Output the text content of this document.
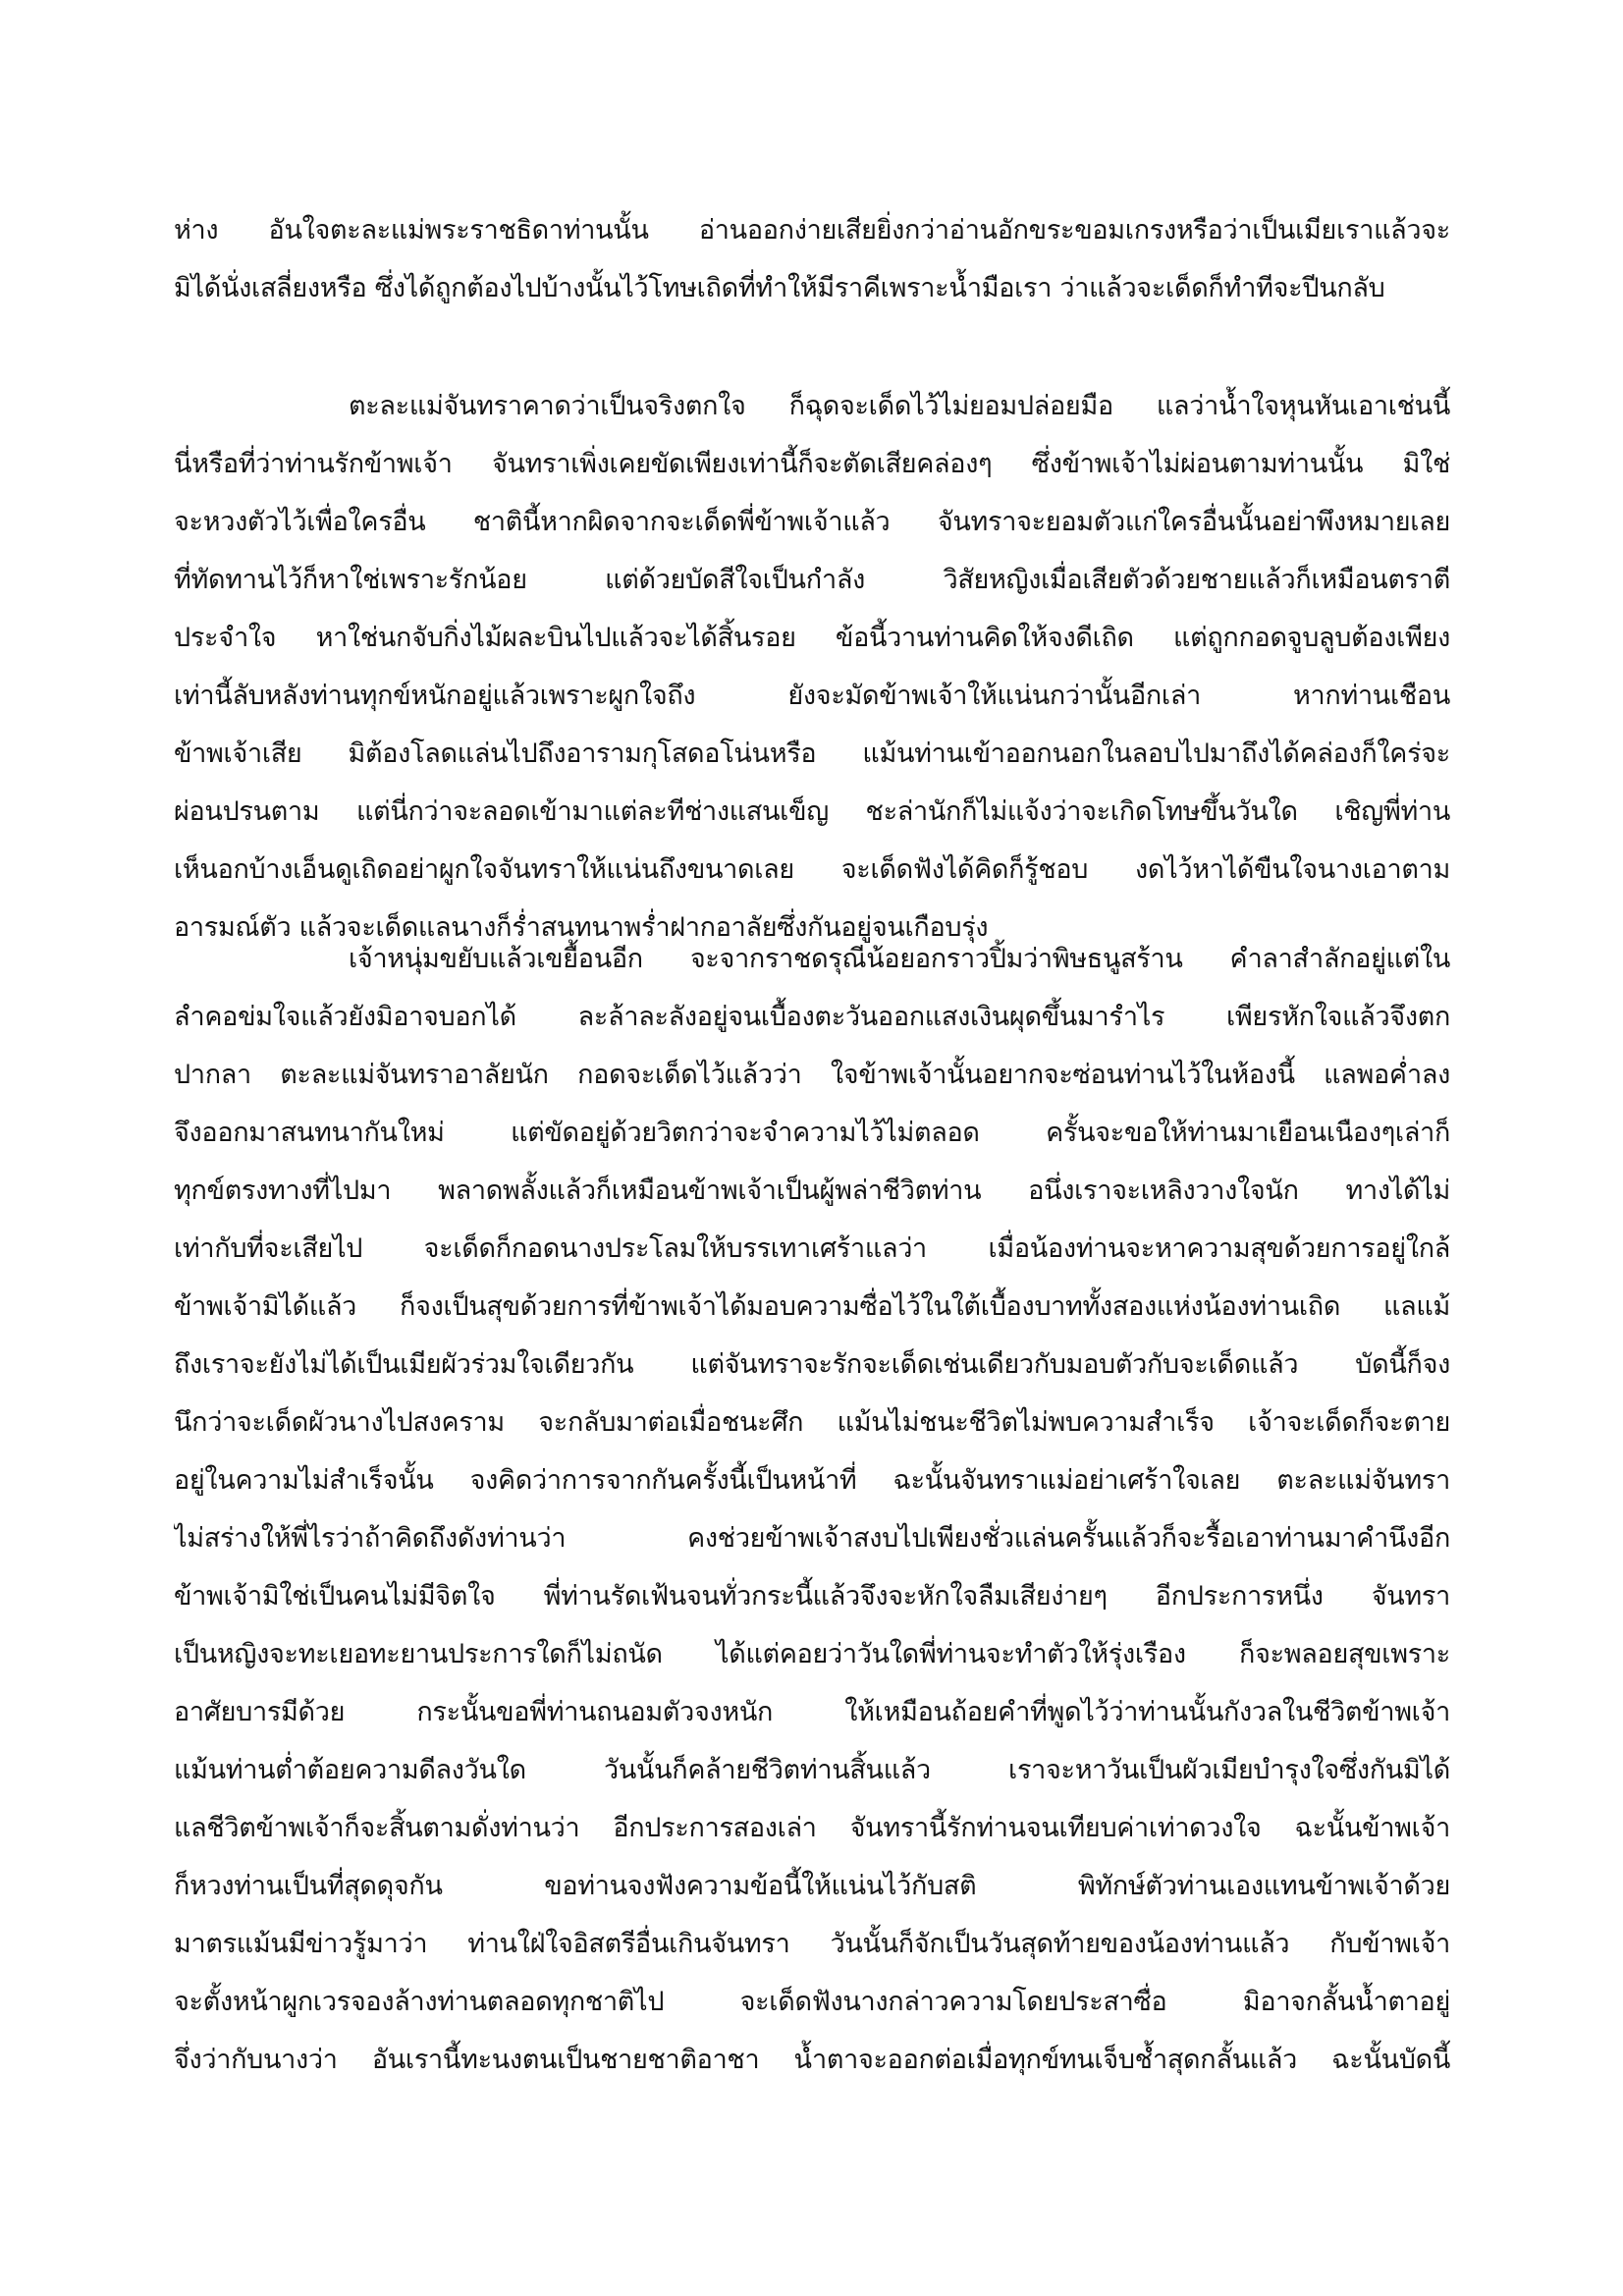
ห่าง อันใจตะละแม่พระราชธิดาท่านนั้น อ่านออกง่ายเสียยิ่งกว่าอ่านอักขระขอมเกรงหรือว่าเป็นเมียเราแล้วจะ
มิได้นั่งเสลี่ยงหรือ ซึ่งได้ถูกต้องไปบ้างนั้นไว้โทษเถิดที่ทำให้มีราคีเพราะน้ำมือเรา ว่าแล้วจะเด็ดก็ทำทีจะปีนกลับ
ตะละแม่จันทราคาดว่าเป็นจริงตกใจ ก็ฉุดจะเด็ดไว้ไม่ยอมปล่อยมือ แลว่าน้ำใจหุนหันเอาเช่นนี้
นี่หรือที่ว่าท่านรักข้าพเจ้า จันทราเพิ่งเคยขัดเพียงเท่านี้ก็จะตัดเสียคล่องๆ ซึ่งข้าพเจ้าไม่ผ่อนตามท่านนั้น มิใช่
จะหวงตัวไว้เพื่อใครอื่น ชาตินี้หากผิดจากจะเด็ดพี่ข้าพเจ้าแล้ว จันทราจะยอมตัวแก่ใครอื่นนั้นอย่าพึงหมายเลย
ที่ทัดทานไว้ก็หาใช่เพราะรักน้อย แต่ด้วยบัดสีใจเป็นกำลัง วิสัยหญิงเมื่อเสียตัวด้วยชายแล้วก็เหมือนตราตี
ประจำใจ หาใช่นกจับกิ่งไม้ผละบินไปแล้วจะได้สิ้นรอย ข้อนี้วานท่านคิดให้จงดีเถิด แต่ถูกกอดจูบลูบต้องเพียง
เท่านี้ลับหลังท่านทุกข์หนักอยู่แล้วเพราะผูกใจถึง ยังจะมัดข้าพเจ้าให้แน่นกว่านั้นอีกเล่า หากท่านเชือน
ข้าพเจ้าเสีย มิต้องโลดแล่นไปถึงอารามกุโสดอโน่นหรือ แม้นท่านเข้าออกนอกในลอบไปมาถึงได้คล่องก็ใคร่จะ
ผ่อนปรนตาม แต่นี่กว่าจะลอดเข้ามาแต่ละทีช่างแสนเข็ญ ชะล่านักก็ไม่แจ้งว่าจะเกิดโทษขึ้นวันใด เชิญพี่ท่าน
เห็นอกบ้างเอ็นดูเถิดอย่าผูกใจจันทราให้แน่นถึงขนาดเลย จะเด็ดฟังได้คิดก็รู้ชอบ งดไว้หาได้ขืนใจนางเอาตาม
อารมณ์ตัว แล้วจะเด็ดแลนางก็ร่ำสนทนาพร่ำฝากอาลัยซึ่งกันอยู่จนเกือบรุ่ง
เจ้าหนุ่มขยับแล้วเขยื้อนอีก จะจากราชดรุณีน้อยอกราวปิ้มว่าพิษธนูสร้าน คำลาสำลักอยู่แต่ใน
ลำคอข่มใจแล้วยังมิอาจบอกได้ ละล้าละลังอยู่จนเบื้องตะวันออกแสงเงินผุดขึ้นมารำไร เพียรหักใจแล้วจึงตก
ปากลา ตะละแม่จันทราอาลัยนัก กอดจะเด็ดไว้แล้วว่า ใจข้าพเจ้านั้นอยากจะซ่อนท่านไว้ในห้องนี้ แลพอค่ำลง
จึงออกมาสนทนากันใหม่ แต่ขัดอยู่ด้วยวิตกว่าจะจำความไว้ไม่ตลอด ครั้นจะขอให้ท่านมาเยือนเนืองๆเล่าก็
ทุกข์ตรงทางที่ไปมา พลาดพลั้งแล้วก็เหมือนข้าพเจ้าเป็นผู้พล่าชีวิตท่าน อนึ่งเราจะเหลิงวางใจนัก ทางได้ไม่
เท่ากับที่จะเสียไป จะเด็ดก็กอดนางประโลมให้บรรเทาเศร้าแลว่า เมื่อน้องท่านจะหาความสุขด้วยการอยู่ใกล้
ข้าพเจ้ามิได้แล้ว ก็จงเป็นสุขด้วยการที่ข้าพเจ้าได้มอบความซื่อไว้ในใต้เบื้องบาททั้งสองแห่งน้องท่านเถิด แลแม้
ถึงเราจะยังไม่ได้เป็นเมียผัวร่วมใจเดียวกัน แต่จันทราจะรักจะเด็ดเช่นเดียวกับมอบตัวกับจะเด็ดแล้ว บัดนี้ก็จง
นึกว่าจะเด็ดผัวนางไปสงคราม จะกลับมาต่อเมื่อชนะศึก แม้นไม่ชนะชีวิตไม่พบความสำเร็จ เจ้าจะเด็ดก็จะตาย
อยู่ในความไม่สำเร็จนั้น จงคิดว่าการจากกันครั้งนี้เป็นหน้าที่ ฉะนั้นจันทราแม่อย่าเศร้าใจเลย ตะละแม่จันทรา
ไม่สร่างให้พี่ไรว่าถ้าคิดถึงดังท่านว่า คงช่วยข้าพเจ้าสงบไปเพียงชั่วแล่นครั้นแล้วก็จะรื้อเอาท่านมาคำนึงอีก
ข้าพเจ้ามิใช่เป็นคนไม่มีจิตใจ พี่ท่านรัดเฟ้นจนทั่วกระนี้แล้วจึงจะหักใจลืมเสียง่ายๆ อีกประการหนึ่ง จันทรา
เป็นหญิงจะทะเยอทะยานประการใดก็ไม่ถนัด ได้แต่คอยว่าวันใดพี่ท่านจะทำตัวให้รุ่งเรือง ก็จะพลอยสุขเพราะ
อาศัยบารมีด้วย กระนั้นขอพี่ท่านถนอมตัวจงหนัก ให้เหมือนถ้อยคำที่พูดไว้ว่าท่านนั้นกังวลในชีวิตข้าพเจ้า
แม้นท่านต่ำต้อยความดีลงวันใด วันนั้นก็คล้ายชีวิตท่านสิ้นแล้ว เราจะหาวันเป็นผัวเมียบำรุงใจซึ่งกันมิได้
แลชีวิตข้าพเจ้าก็จะสิ้นตามดั่งท่านว่า อีกประการสองเล่า จันทรานี้รักท่านจนเทียบค่าเท่าดวงใจ ฉะนั้นข้าพเจ้า
ก็หวงท่านเป็นที่สุดดุจกัน ขอท่านจงฟังความข้อนี้ให้แน่นไว้กับสติ พิทักษ์ตัวท่านเองแทนข้าพเจ้าด้วย
มาตรแม้นมีข่าวรู้มาว่า ท่านใฝ่ใจอิสตรีอื่นเกินจันทรา วันนั้นก็จักเป็นวันสุดท้ายของน้องท่านแล้ว กับข้าพเจ้า
จะตั้งหน้าผูกเวรจองล้างท่านตลอดทุกชาติไป จะเด็ดฟังนางกล่าวความโดยประสาซื่อ มิอาจกลั้นน้ำตาอยู่
จึ่งว่ากับนางว่า อันเรานี้ทะนงตนเป็นชายชาติอาชา น้ำตาจะออกต่อเมื่อทุกข์ทนเจ็บช้ำสุดกลั้นแล้ว ฉะนั้นบัดนี้
